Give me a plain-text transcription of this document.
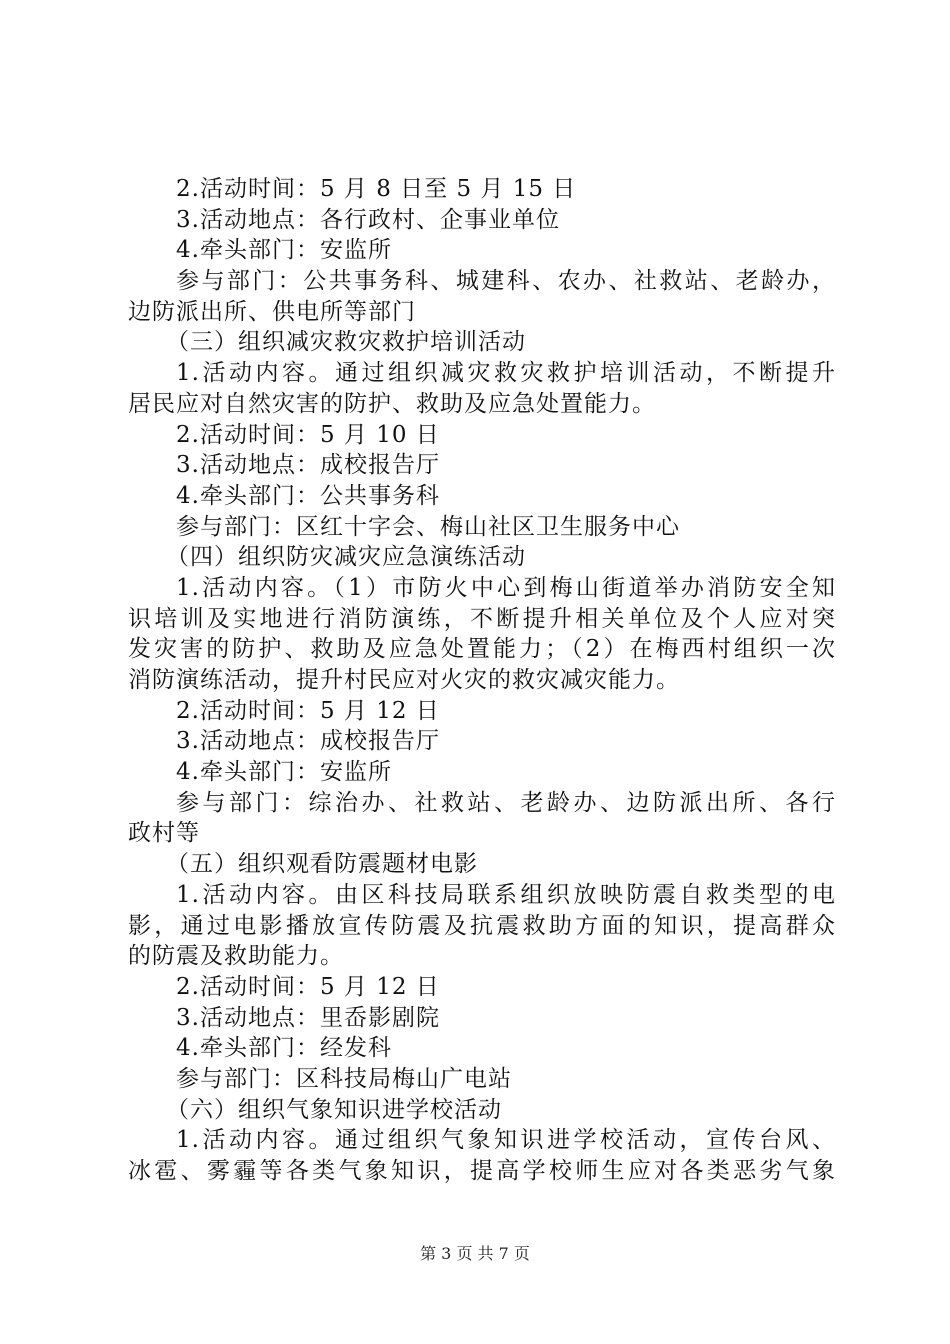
2.活动时间：5 月 8 日至 5 月 15 日
3.活动地点：各行政村、企事业单位
4.牵头部门：安监所
参与部门：公共事务科、城建科、农办、社救站、老龄办，
边防派出所、供电所等部门
（三）组织减灾救灾救护培训活动
1.活动内容。通过组织减灾救灾救护培训活动，不断提升
居民应对自然灾害的防护、救助及应急处置能力。
2.活动时间：5 月 10 日
3.活动地点：成校报告厅
4.牵头部门：公共事务科
参与部门：区红十字会、梅山社区卫生服务中心
（四）组织防灾减灾应急演练活动
1.活动内容。（1）市防火中心到梅山街道举办消防安全知
识培训及实地进行消防演练，不断提升相关单位及个人应对突
发灾害的防护、救助及应急处置能力；（2）在梅西村组织一次
消防演练活动，提升村民应对火灾的救灾减灾能力。
2.活动时间：5 月 12 日
3.活动地点：成校报告厅
4.牵头部门：安监所
参与部门：综治办、社救站、老龄办、边防派出所、各行
政村等
（五）组织观看防震题材电影
1.活动内容。由区科技局联系组织放映防震自救类型的电
影，通过电影播放宣传防震及抗震救助方面的知识，提高群众
的防震及救助能力。
2.活动时间：5 月 12 日
3.活动地点：里岙影剧院
4.牵头部门：经发科
参与部门：区科技局梅山广电站
（六）组织气象知识进学校活动
1.活动内容。通过组织气象知识进学校活动，宣传台风、
冰雹、雾霾等各类气象知识，提高学校师生应对各类恶劣气象
第 3 页 共 7 页
